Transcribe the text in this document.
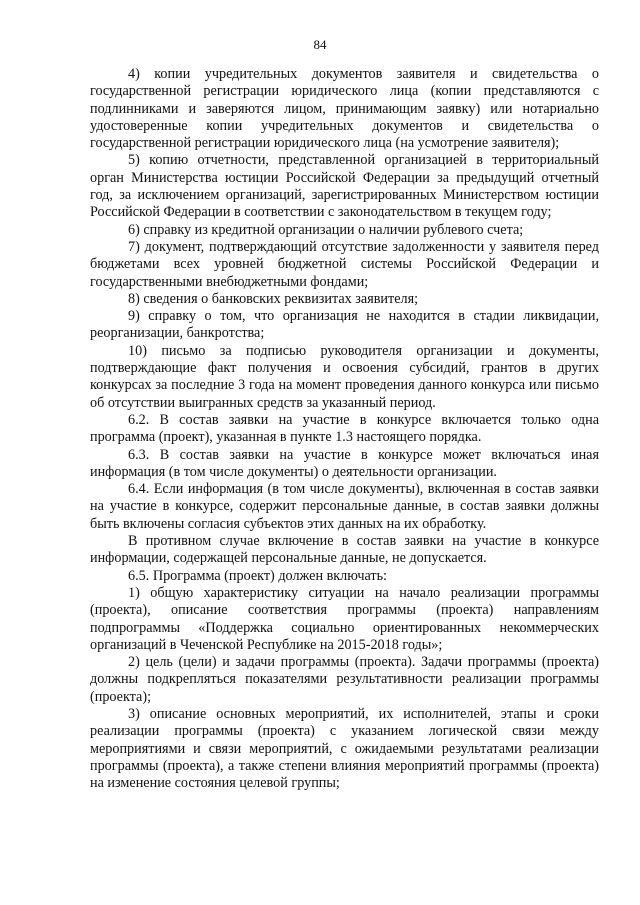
84

4) копии учредительных документов заявителя и свидетельства о государственной регистрации юридического лица (копии представляются с подлинниками и заверяются лицом, принимающим заявку) или нотариально удостоверенные копии учредительных документов и свидетельства о государственной регистрации юридического лица (на усмотрение заявителя);

5) копию отчетности, представленной организацией в территориальный орган Министерства юстиции Российской Федерации за предыдущий отчетный год, за исключением организаций, зарегистрированных Министерством юстиции Российской Федерации в соответствии с законодательством в текущем году;

6) справку из кредитной организации о наличии рублевого счета;

7) документ, подтверждающий отсутствие задолженности у заявителя перед бюджетами всех уровней бюджетной системы Российской Федерации и государственными внебюджетными фондами;

8) сведения о банковских реквизитах заявителя;

9) справку о том, что организация не находится в стадии ликвидации, реорганизации, банкротства;

10) письмо за подписью руководителя организации и документы, подтверждающие факт получения и освоения субсидий, грантов в других конкурсах за последние 3 года на момент проведения данного конкурса или письмо об отсутствии выигранных средств за указанный период.

6.2. В состав заявки на участие в конкурсе включается только одна программа (проект), указанная в пункте 1.3 настоящего порядка.

6.3. В состав заявки на участие в конкурсе может включаться иная информация (в том числе документы) о деятельности организации.

6.4. Если информация (в том числе документы), включенная в состав заявки на участие в конкурсе, содержит персональные данные, в состав заявки должны быть включены согласия субъектов этих данных на их обработку.

В противном случае включение в состав заявки на участие в конкурсе информации, содержащей персональные данные, не допускается.

6.5. Программа (проект) должен включать:

1) общую характеристику ситуации на начало реализации программы (проекта), описание соответствия программы (проекта) направлениям подпрограммы «Поддержка социально ориентированных некоммерческих организаций в Чеченской Республике на 2015-2018 годы»;

2) цель (цели) и задачи программы (проекта). Задачи программы (проекта) должны подкрепляться показателями результативности реализации программы (проекта);

3) описание основных мероприятий, их исполнителей, этапы и сроки реализации программы (проекта) с указанием логической связи между мероприятиями и связи мероприятий, с ожидаемыми результатами реализации программы (проекта), а также степени влияния мероприятий программы (проекта) на изменение состояния целевой группы;
